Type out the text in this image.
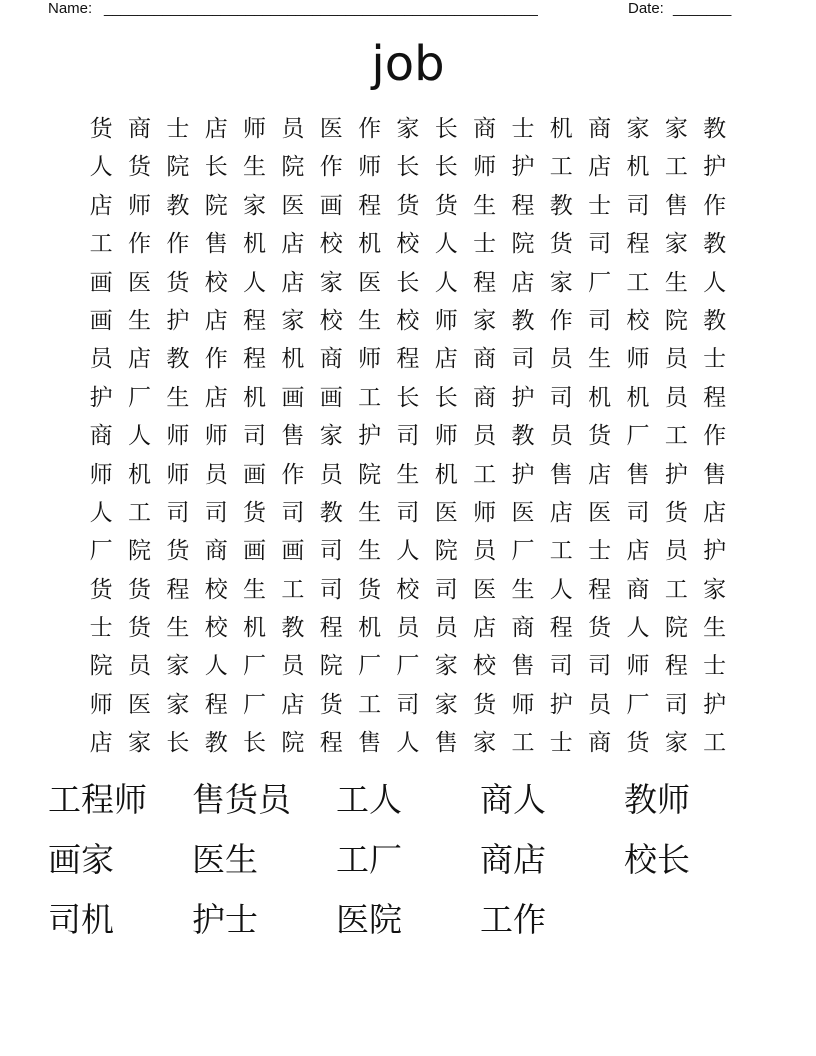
Name: ____________________________________________________	Date: _______
job
货 商 士 店 师 员 医 作 家 长 商 士 机 商 家 家 教
人 货 院 长 生 院 作 师 长 长 师 护 工 店 机 工 护
店 师 教 院 家 医 画 程 货 货 生 程 教 士 司 售 作
工 作 作 售 机 店 校 机 校 人 士 院 货 司 程 家 教
画 医 货 校 人 店 家 医 长 人 程 店 家 厂 工 生 人
画 生 护 店 程 家 校 生 校 师 家 教 作 司 校 院 教
员 店 教 作 程 机 商 师 程 店 商 司 员 生 师 员 士
护 厂 生 店 机 画 画 工 长 长 商 护 司 机 机 员 程
商 人 师 师 司 售 家 护 司 师 员 教 员 货 厂 工 作
师 机 师 员 画 作 员 院 生 机 工 护 售 店 售 护 售
人 工 司 司 货 司 教 生 司 医 师 医 店 医 司 货 店
厂 院 货 商 画 画 司 生 人 院 员 厂 工 士 店 员 护
货 货 程 校 生 工 司 货 校 司 医 生 人 程 商 工 家
士 货 生 校 机 教 程 机 员 员 店 商 程 货 人 院 生
院 员 家 人 厂 员 院 厂 厂 家 校 售 司 司 师 程 士
师 医 家 程 厂 店 货 工 司 家 货 师 护 员 厂 司 护
店 家 长 教 长 院 程 售 人 售 家 工 士 商 货 家 工
工程师 售货员 工人 商人 教师
画家 医生 工厂 商店 校长
司机 护士 医院 工作
